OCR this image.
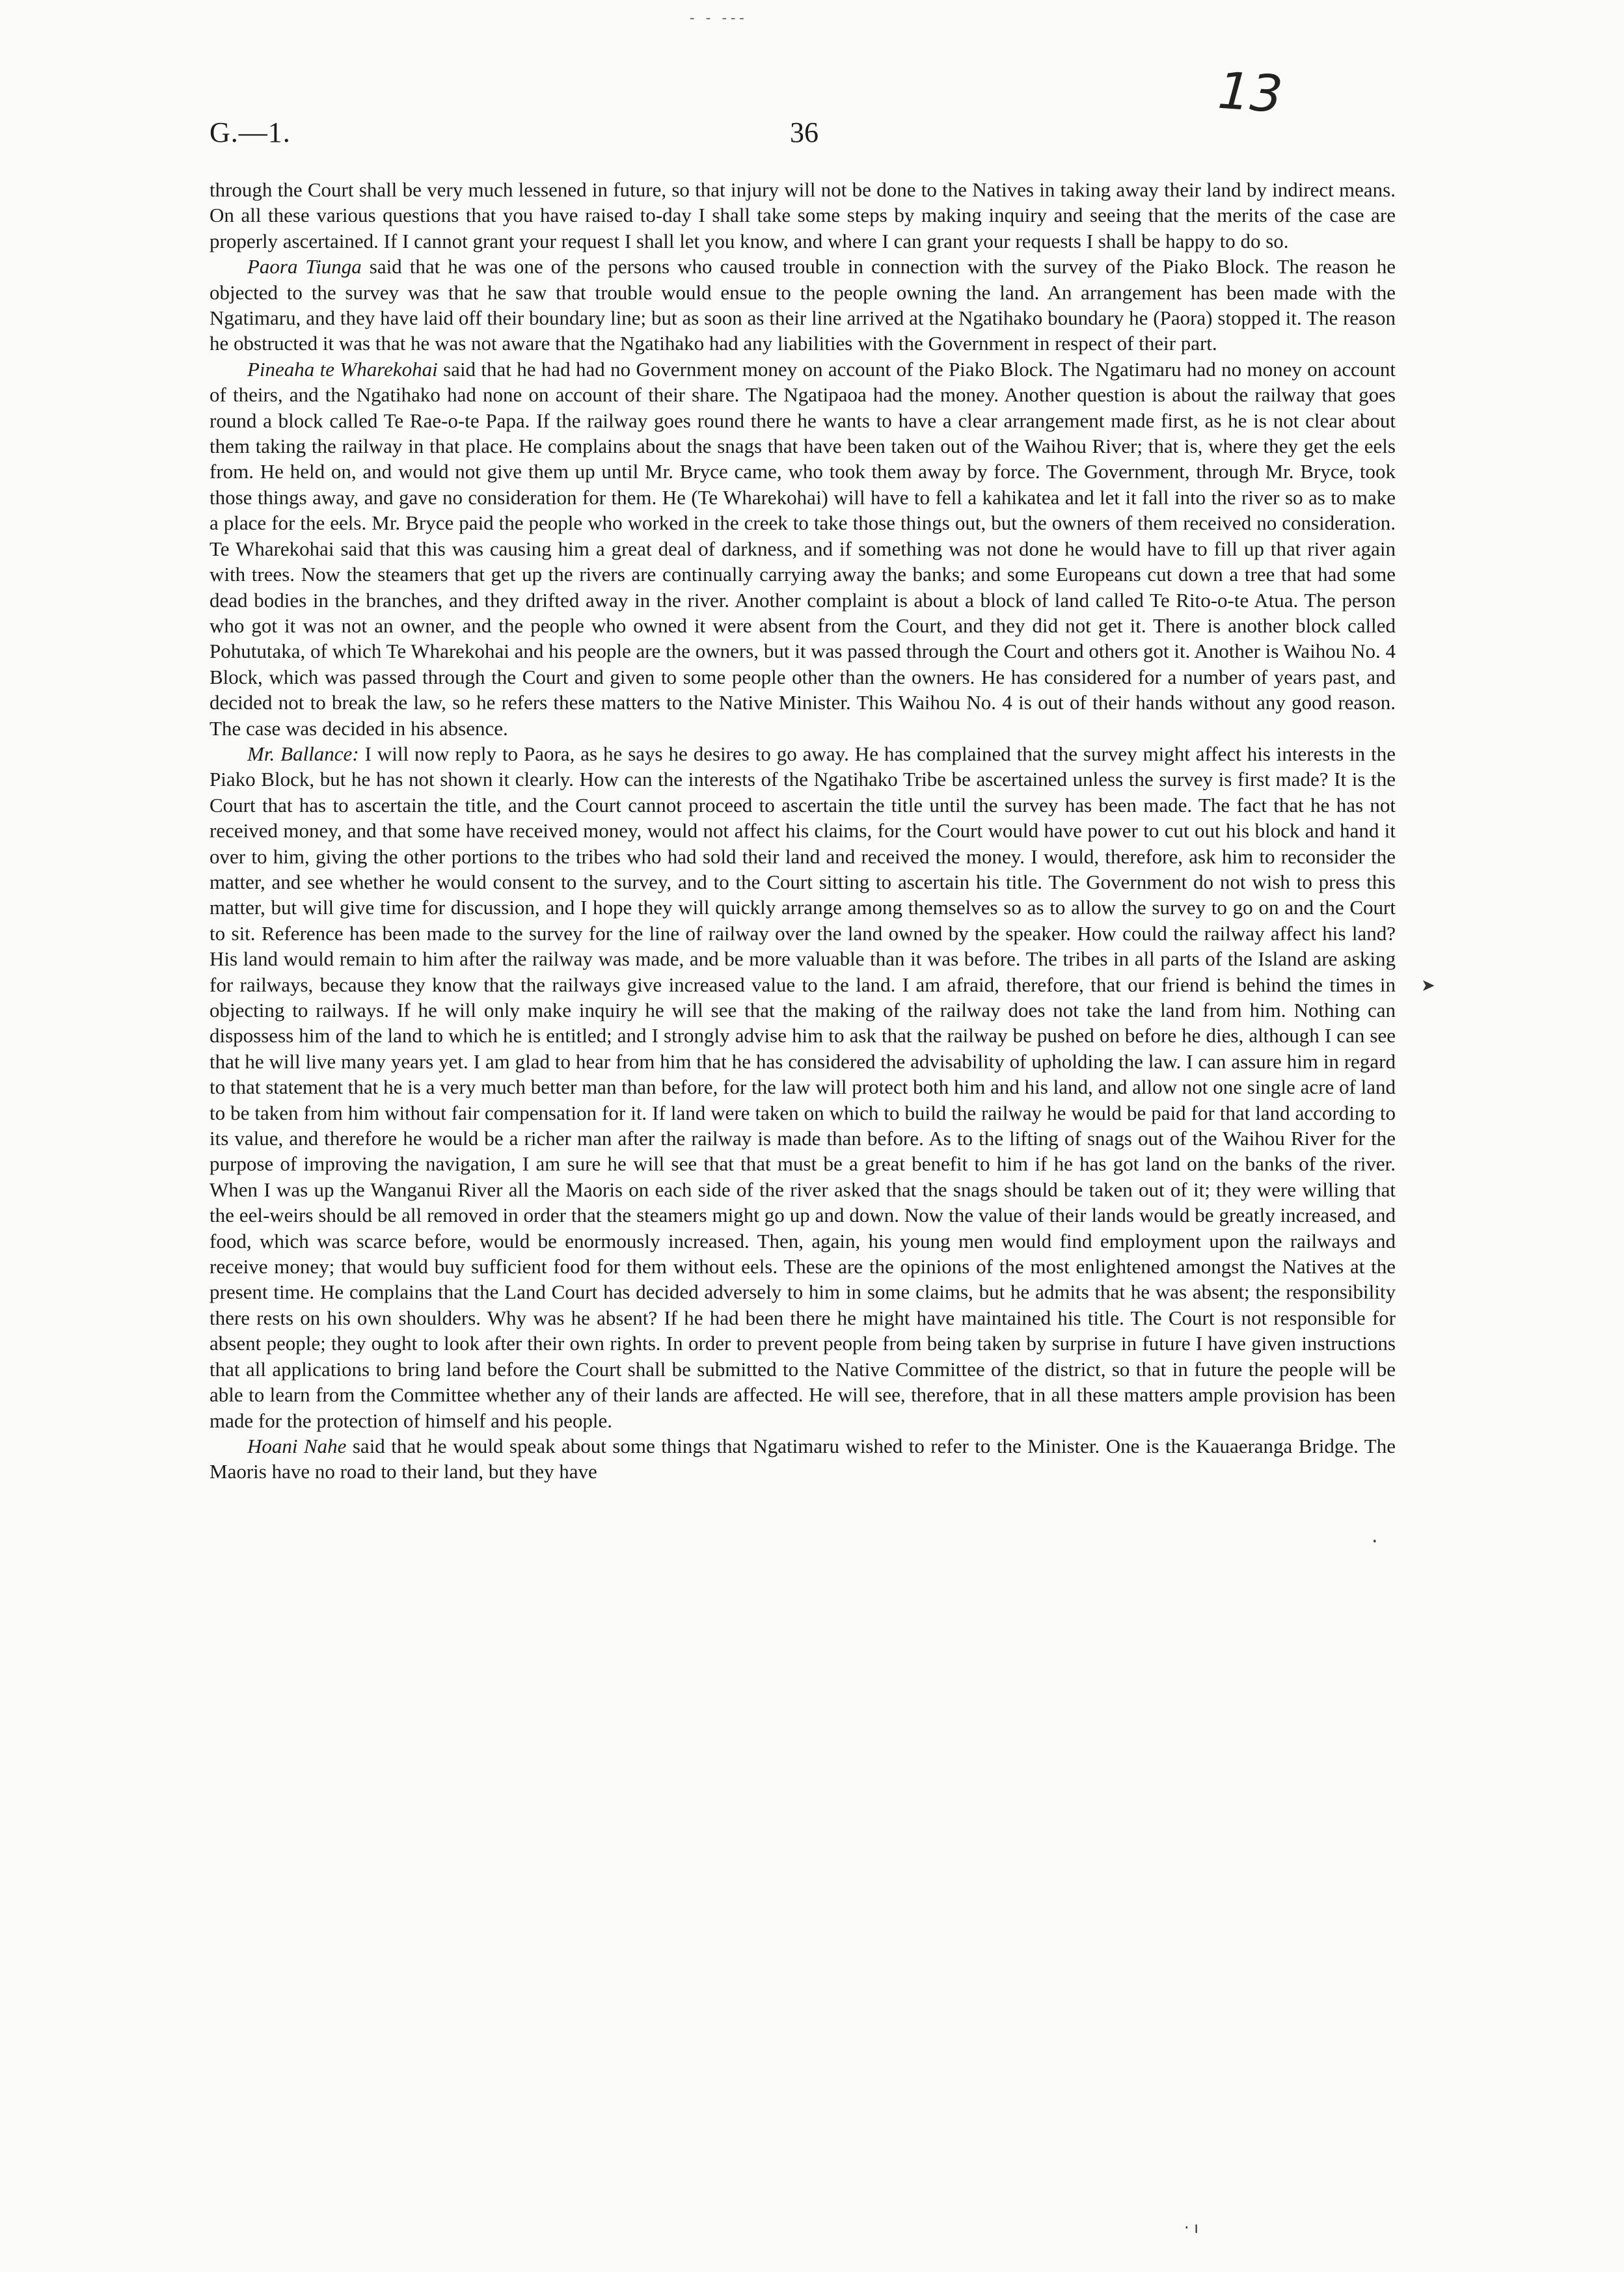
- - ---
13
G.—1.	36

through the Court shall be very much lessened in future, so that injury will not be done to the Natives in taking away their land by indirect means. On all these various questions that you have raised to-day I shall take some steps by making inquiry and seeing that the merits of the case are properly ascertained. If I cannot grant your request I shall let you know, and where I can grant your requests I shall be happy to do so.

Paora Tiunga said that he was one of the persons who caused trouble in connection with the survey of the Piako Block. The reason he objected to the survey was that he saw that trouble would ensue to the people owning the land. An arrangement has been made with the Ngatimaru, and they have laid off their boundary line; but as soon as their line arrived at the Ngatihako boundary he (Paora) stopped it. The reason he obstructed it was that he was not aware that the Ngatihako had any liabilities with the Government in respect of their part.

Pineaha te Wharekohai said that he had had no Government money on account of the Piako Block. The Ngatimaru had no money on account of theirs, and the Ngatihako had none on account of their share. The Ngatipaoa had the money. Another question is about the railway that goes round a block called Te Rae-o-te Papa. If the railway goes round there he wants to have a clear arrangement made first, as he is not clear about them taking the railway in that place. He complains about the snags that have been taken out of the Waihou River; that is, where they get the eels from. He held on, and would not give them up until Mr. Bryce came, who took them away by force. The Government, through Mr. Bryce, took those things away, and gave no consideration for them. He (Te Wharekohai) will have to fell a kahikatea and let it fall into the river so as to make a place for the eels. Mr. Bryce paid the people who worked in the creek to take those things out, but the owners of them received no consideration. Te Wharekohai said that this was causing him a great deal of darkness, and if something was not done he would have to fill up that river again with trees. Now the steamers that get up the rivers are continually carrying away the banks; and some Europeans cut down a tree that had some dead bodies in the branches, and they drifted away in the river. Another complaint is about a block of land called Te Rito-o-te Atua. The person who got it was not an owner, and the people who owned it were absent from the Court, and they did not get it. There is another block called Pohututaka, of which Te Wharekohai and his people are the owners, but it was passed through the Court and others got it. Another is Waihou No. 4 Block, which was passed through the Court and given to some people other than the owners. He has considered for a number of years past, and decided not to break the law, so he refers these matters to the Native Minister. This Waihou No. 4 is out of their hands without any good reason. The case was decided in his absence.

Mr. Ballance: I will now reply to Paora, as he says he desires to go away. He has complained that the survey might affect his interests in the Piako Block, but he has not shown it clearly. How can the interests of the Ngatihako Tribe be ascertained unless the survey is first made? It is the Court that has to ascertain the title, and the Court cannot proceed to ascertain the title until the survey has been made. The fact that he has not received money, and that some have received money, would not affect his claims, for the Court would have power to cut out his block and hand it over to him, giving the other portions to the tribes who had sold their land and received the money. I would, therefore, ask him to reconsider the matter, and see whether he would consent to the survey, and to the Court sitting to ascertain his title. The Government do not wish to press this matter, but will give time for discussion, and I hope they will quickly arrange among themselves so as to allow the survey to go on and the Court to sit. Reference has been made to the survey for the line of railway over the land owned by the speaker. How could the railway affect his land? His land would remain to him after the railway was made, and be more valuable than it was before. The tribes in all parts of the Island are asking for railways, because they know that the railways give increased value to the land. I am afraid, therefore, that our friend is behind the times in objecting to railways. If he will only make inquiry he will see that the making of the railway does not take the land from him. Nothing can dispossess him of the land to which he is entitled; and I strongly advise him to ask that the railway be pushed on before he dies, although I can see that he will live many years yet. I am glad to hear from him that he has considered the advisability of upholding the law. I can assure him in regard to that statement that he is a very much better man than before, for the law will protect both him and his land, and allow not one single acre of land to be taken from him without fair compensation for it. If land were taken on which to build the railway he would be paid for that land according to its value, and therefore he would be a richer man after the railway is made than before. As to the lifting of snags out of the Waihou River for the purpose of improving the navigation, I am sure he will see that that must be a great benefit to him if he has got land on the banks of the river. When I was up the Wanganui River all the Maoris on each side of the river asked that the snags should be taken out of it; they were willing that the eel-weirs should be all removed in order that the steamers might go up and down. Now the value of their lands would be greatly increased, and food, which was scarce before, would be enormously increased. Then, again, his young men would find employment upon the railways and receive money; that would buy sufficient food for them without eels. These are the opinions of the most enlightened amongst the Natives at the present time. He complains that the Land Court has decided adversely to him in some claims, but he admits that he was absent; the responsibility there rests on his own shoulders. Why was he absent? If he had been there he might have maintained his title. The Court is not responsible for absent people; they ought to look after their own rights. In order to prevent people from being taken by surprise in future I have given instructions that all applications to bring land before the Court shall be submitted to the Native Committee of the district, so that in future the people will be able to learn from the Committee whether any of their lands are affected. He will see, therefore, that in all these matters ample provision has been made for the protection of himself and his people.

Hoani Nahe said that he would speak about some things that Ngatimaru wished to refer to the Minister. One is the Kauaeranga Bridge. The Maoris have no road to their land, but they have

➤
·
· ı
